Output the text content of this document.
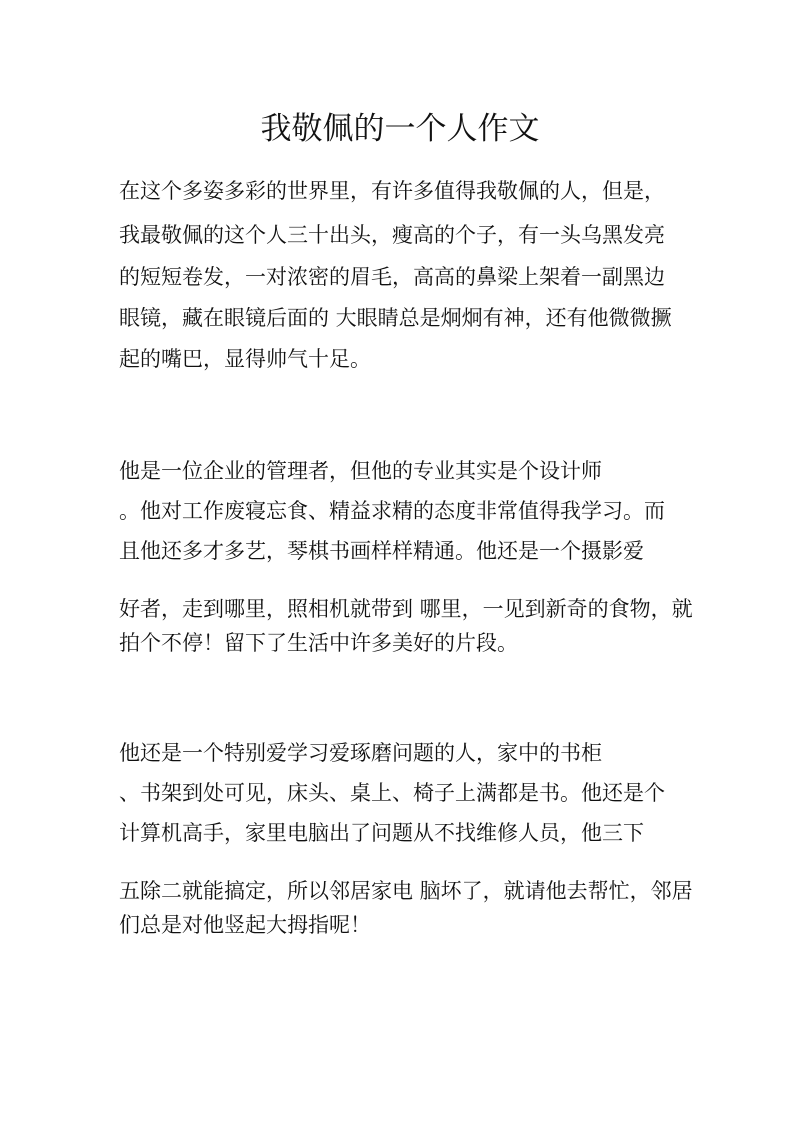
我敬佩的一个人作文

在这个多姿多彩的世界里，有许多值得我敬佩的人，但是，

我最敬佩的这个人三十出头，瘦高的个子，有一头乌黑发亮

的短短卷发，一对浓密的眉毛，高高的鼻梁上架着一副黑边

眼镜，藏在眼镜后面的 大眼睛总是炯炯有神，还有他微微撅

起的嘴巴，显得帅气十足。

他是一位企业的管理者，但他的专业其实是个设计师

。他对工作废寝忘食、精益求精的态度非常值得我学习。而

且他还多才多艺，琴棋书画样样精通。他还是一个摄影爱

好者，走到哪里，照相机就带到 哪里，一见到新奇的食物，就

拍个不停！留下了生活中许多美好的片段。

他还是一个特别爱学习爱琢磨问题的人，家中的书柜

、书架到处可见，床头、桌上、椅子上满都是书。他还是个

计算机高手，家里电脑出了问题从不找维修人员，他三下

五除二就能搞定，所以邻居家电 脑坏了，就请他去帮忙，邻居

们总是对他竖起大拇指呢！
